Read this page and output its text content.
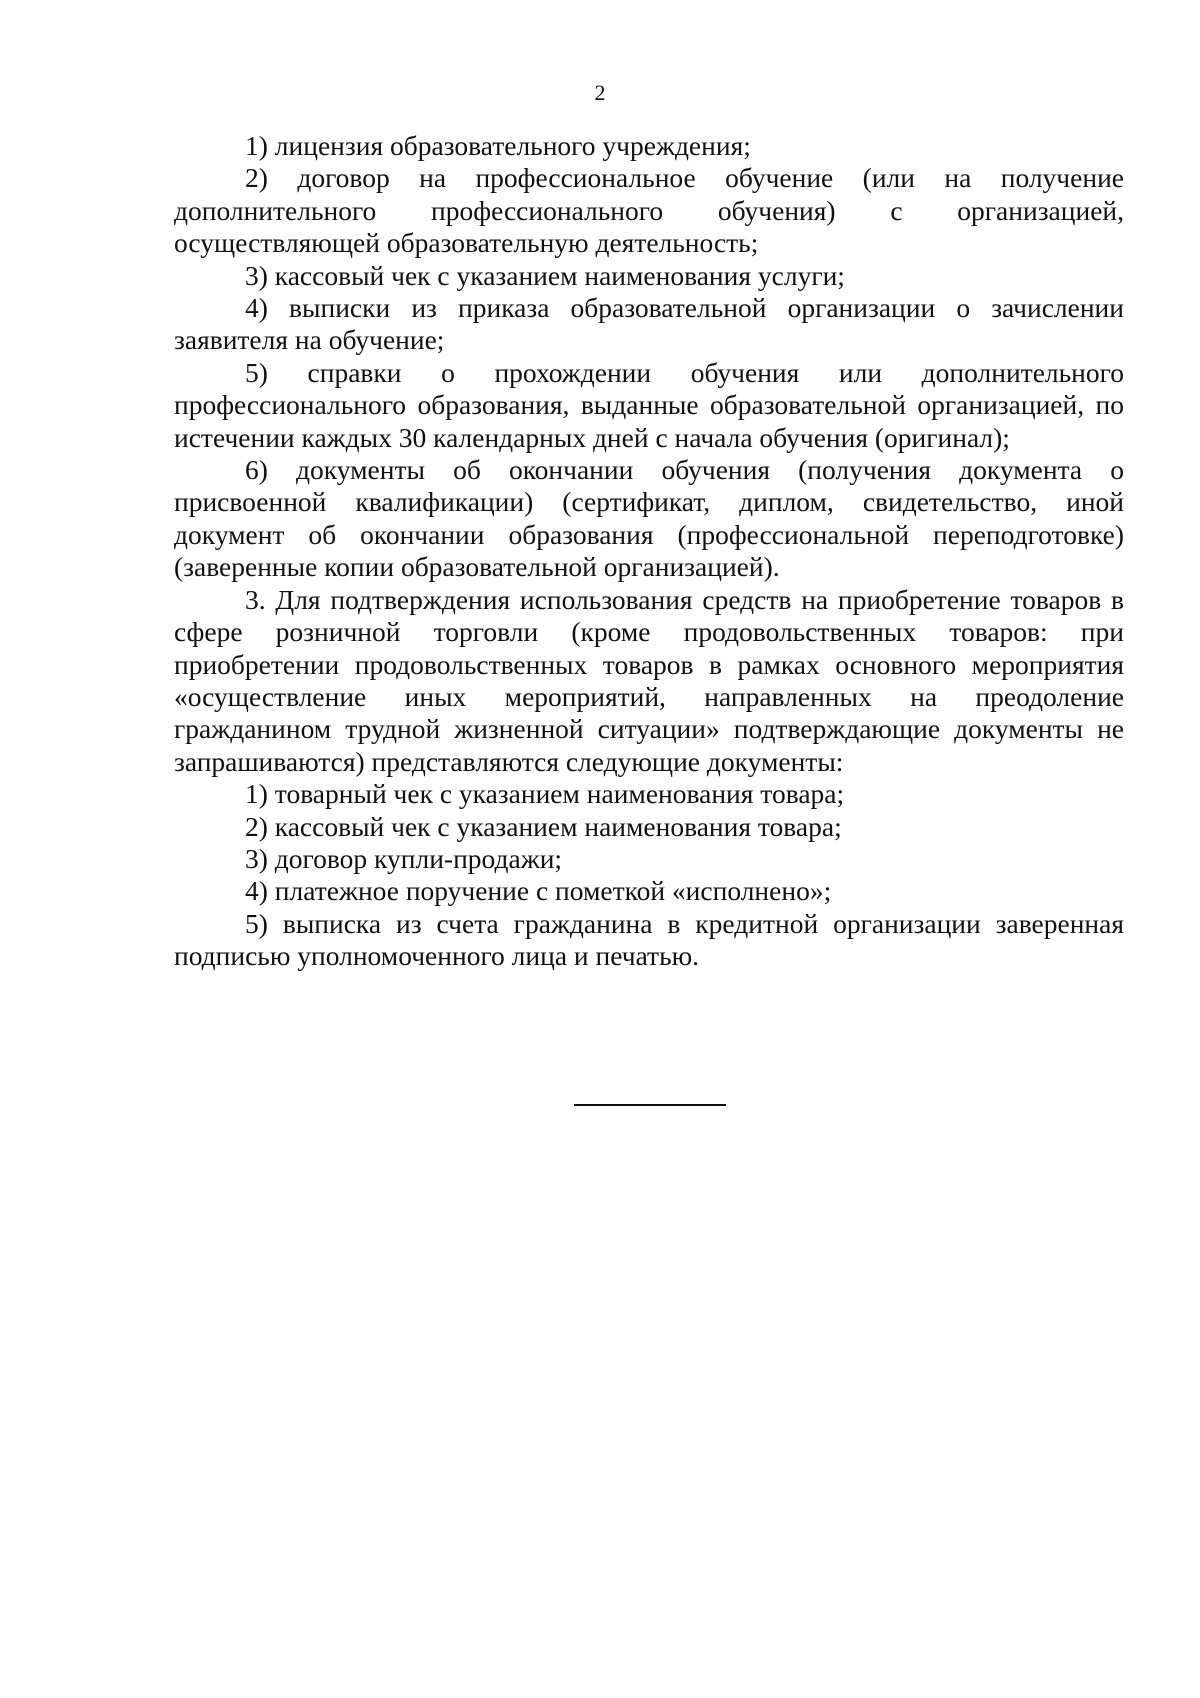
2

1) лицензия образовательного учреждения;

2) договор на профессиональное обучение (или на получение дополнительного профессионального обучения) с организацией, осуществляющей образовательную деятельность;

3) кассовый чек с указанием наименования услуги;

4) выписки из приказа образовательной организации о зачислении заявителя на обучение;

5) справки о прохождении обучения или дополнительного профессионального образования, выданные образовательной организацией, по истечении каждых 30 календарных дней с начала обучения (оригинал);

6) документы об окончании обучения (получения документа о присвоенной квалификации) (сертификат, диплом, свидетельство, иной документ об окончании образования (профессиональной переподготовке) (заверенные копии образовательной организацией).

3. Для подтверждения использования средств на приобретение товаров в сфере розничной торговли (кроме продовольственных товаров: при приобретении продовольственных товаров в рамках основного мероприятия «осуществление иных мероприятий, направленных на преодоление гражданином трудной жизненной ситуации» подтверждающие документы не запрашиваются) представляются следующие документы:

1) товарный чек с указанием наименования товара;

2) кассовый чек с указанием наименования товара;

3) договор купли-продажи;

4) платежное поручение с пометкой «исполнено»;

5) выписка из счета гражданина в кредитной организации заверенная подписью уполномоченного лица и печатью.
